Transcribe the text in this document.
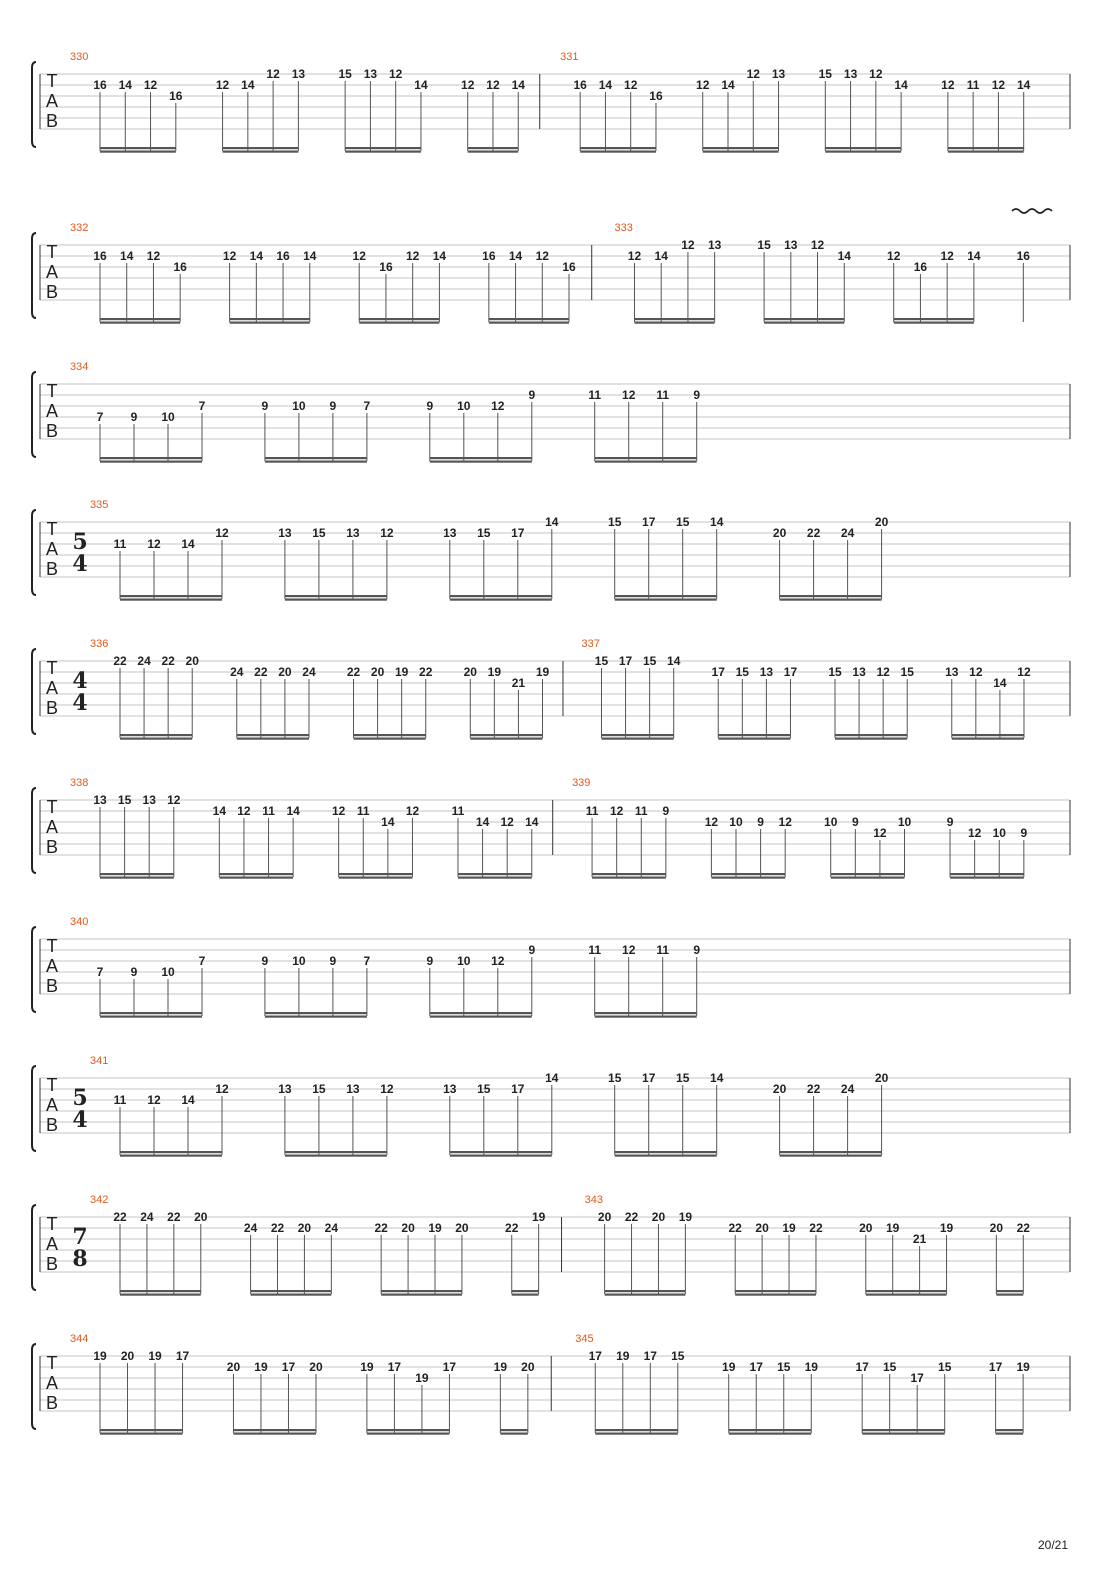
T
A
B
330
16 14 12
16
12 14
12 13	15 13 12
14	12 12 14
331
16 14 12
16
12 14
12 13	15 13 12
14	12 11 12 14
T
A
B
332
16 14 12
16
12 14 16 14	12
16
12 14	16 14 12
16
333
12 14
12 13	15 13 12
14	12
16
12 14	16
T
A
B
334
7 9 10
7	9 10 9 7	9 10 12
9	11 12 11 9
T
A
B
5
4
335
11 12 14
12	13 15 13 12	13 15 17
14	15 17 15 14
20 22 24
20
T
A
B
4
4
336
22 24 22 20
24 22 20 24	22 20 19 22	20 19
21
19
337
15 17 15 14
17 15 13 17	15 13 12 15	13 12
14
12
T
A
B
338
13 15 13 12
14 12 11 14	12 11
14
12	11
14 12 14
339
11 12 11 9
12 10 9 12	10 9
12
10	9
12 10 9
T
A
B
340
7 9 10
7	9 10 9 7	9 10 12
9	11 12 11 9
T
A
B
5
4
341
11 12 14
12	13 15 13 12	13 15 17
14	15 17 15 14
20 22 24
20
T
A
B
7
8
342
22 24 22 20
24 22 20 24	22 20 19 20	22
19
343
20 22 20 19
22 20 19 22	20 19
21
19	20 22
T
A
B
344
19 20 19 17
20 19 17 20	19 17
19
17	19 20
345
17 19 17 15
19 17 15 19	17 15
17
15	17 19
20/21
